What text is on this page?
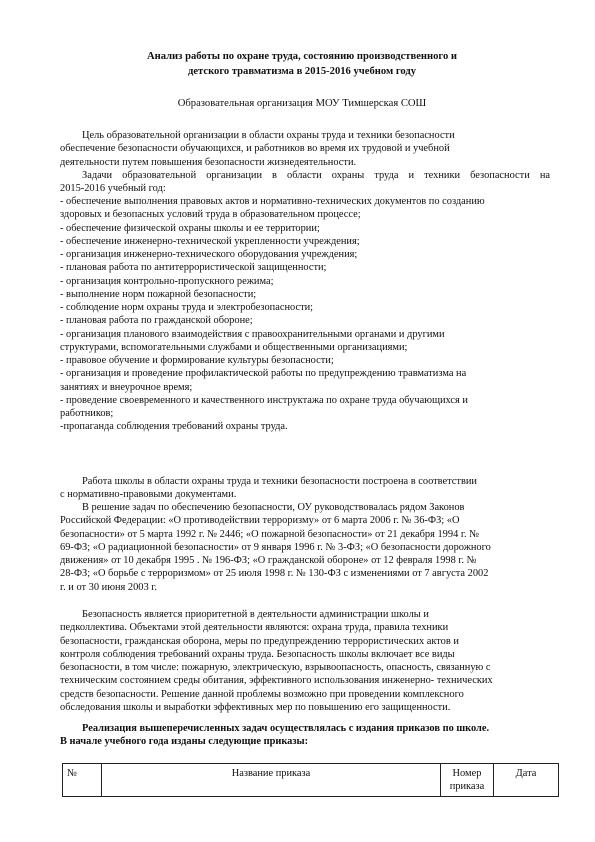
Анализ работы по охране труда, состоянию производственного и
детского травматизма в 2015-2016 учебном году
Образовательная организация МОУ Тимшерская СОШ
Цель образовательной организации в области охраны труда и техники безопасности
обеспечение безопасности обучающихся, и работников во время их трудовой и учебной
деятельности путем повышения безопасности жизнедеятельности.
Задачи образовательной организации в области охраны труда и техники безопасности на
2015-2016 учебный год:
- обеспечение выполнения правовых актов и нормативно-технических документов по созданию
здоровых и безопасных условий труда в образовательном процессе;
- обеспечение физической охраны школы и ее территории;
- обеспечение инженерно-технической укрепленности учреждения;
- организация инженерно-технического оборудования учреждения;
- плановая работа по антитеррористической защищенности;
- организация контрольно-пропускного режима;
- выполнение норм пожарной безопасности;
- соблюдение норм охраны труда и электробезопасности;
- плановая работа по гражданской обороне;
- организация планового взаимодействия с правоохранительными органами и другими
структурами, вспомогательными службами и общественными организациями;
- правовое обучение и формирование культуры безопасности;
- организация и проведение профилактической работы по предупреждению травматизма на
занятиях и внеурочное время;
- проведение своевременного и качественного инструктажа по охране труда обучающихся и
работников;
-пропаганда соблюдения требований охраны труда.
Работа школы в области охраны труда и техники безопасности построена в соответствии
с нормативно-правовыми документами.
В решение задач по обеспечению безопасности, ОУ руководствовалась рядом Законов
Российской Федерации: «О противодействии терроризму» от 6 марта 2006 г. № 36-ФЗ; «О
безопасности» от 5 марта 1992 г. № 2446; «О пожарной безопасности» от 21 декабря 1994 г. №
69-ФЗ; «О радиационной безопасности» от 9 января 1996 г. № 3-ФЗ; «О безопасности дорожного
движения» от 10 декабря 1995 . № 196-ФЗ; «О гражданской обороне» от 12 февраля 1998 г. №
28-ФЗ; «О борьбе с терроризмом» от 25 июля 1998 г. № 130-ФЗ с изменениями от 7 августа 2002
г. и от 30 июня 2003 г.
Безопасность является приоритетной в деятельности администрации школы и
педколлектива. Объектами этой деятельности являются: охрана труда, правила техники
безопасности, гражданская оборона, меры по предупреждению террористических актов и
контроля соблюдения требований охраны труда. Безопасность школы включает все виды
безопасности, в том числе: пожарную, электрическую, взрывоопасность, опасность, связанную с
техническим состоянием среды обитания, эффективного использования инженерно- технических
средств безопасности. Решение данной проблемы возможно при проведении комплексного
обследования школы и выработки эффективных мер по повышению его защищенности.
Реализация вышеперечисленных задач осуществлялась с издания приказов по школе.
В начале учебного года изданы следующие приказы:
№	Название приказа	Номер приказа	Дата
